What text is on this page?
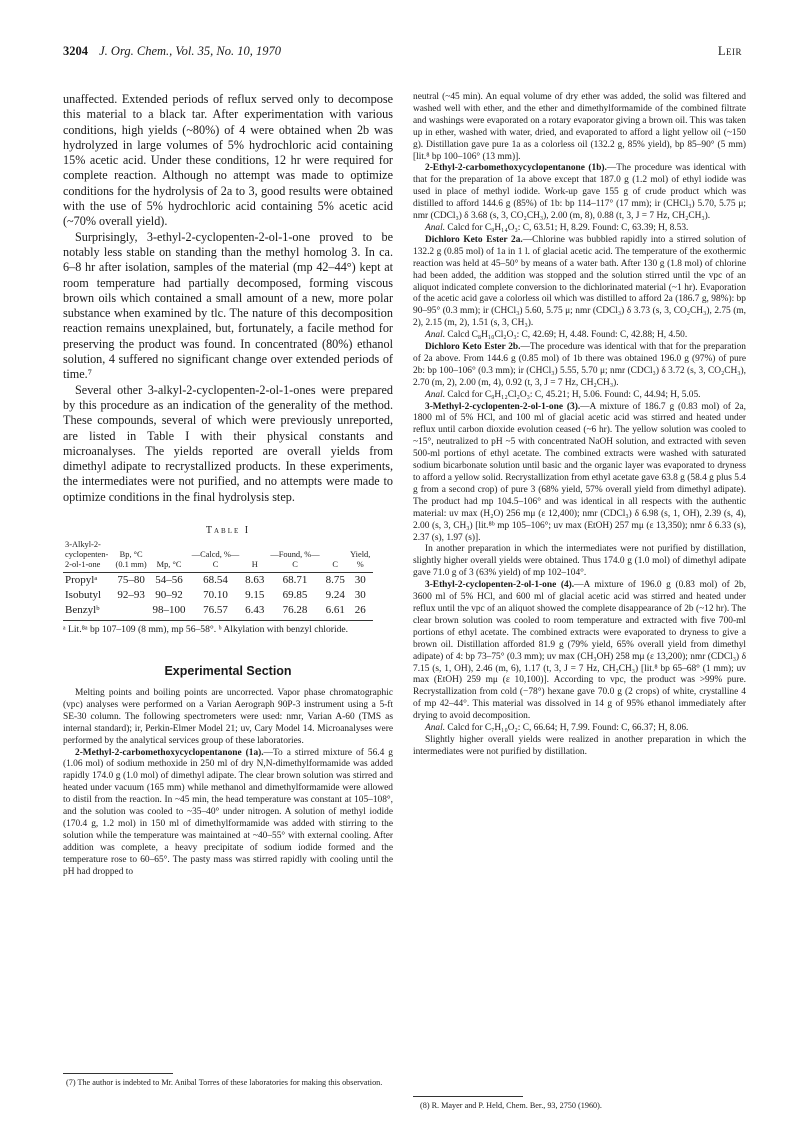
3204 J. Org. Chem., Vol. 35, No. 10, 1970	Leir

unaffected. Extended periods of reflux served only to decompose this material to a black tar. After experimentation with various conditions, high yields (~80%) of 4 were obtained when 2b was hydrolyzed in large volumes of 5% hydrochloric acid containing 15% acetic acid. Under these conditions, 12 hr were required for complete reaction. Although no attempt was made to optimize conditions for the hydrolysis of 2a to 3, good results were obtained with the use of 5% hydrochloric acid containing 5% acetic acid (~70% overall yield).

Surprisingly, 3-ethyl-2-cyclopenten-2-ol-1-one proved to be notably less stable on standing than the methyl homolog 3. In ca. 6–8 hr after isolation, samples of the material (mp 42–44°) kept at room temperature had partially decomposed, forming viscous brown oils which contained a small amount of a new, more polar substance when examined by tlc. The nature of this decomposition reaction remains unexplained, but, fortunately, a facile method for preserving the product was found. In concentrated (80%) ethanol solution, 4 suffered no significant change over extended periods of time.⁷

Several other 3-alkyl-2-cyclopenten-2-ol-1-ones were prepared by this procedure as an indication of the generality of the method. These compounds, several of which were previously unreported, are listed in Table I with their physical constants and microanalyses. The yields reported are overall yields from dimethyl adipate to recrystallized products. In these experiments, the intermediates were not purified, and no attempts were made to optimize conditions in the final hydrolysis step.

Table I
3-Alkyl-2-							
cyclopenten-	Bp, °C		—Calcd, %—		—Found, %—		Yield,
2-ol-1-one	(0.1 mm)	Mp, °C	C	H	C	C	%
Propylᵃ	75–80	54–56	68.54	8.63	68.71	8.75	30
Isobutyl	92–93	90–92	70.10	9.15	69.85	9.24	30
Benzylᵇ		98–100	76.57	6.43	76.28	6.61	26
ᵃ Lit.⁸ᵃ bp 107–109 (8 mm), mp 56–58°. ᵇ Alkylation with benzyl chloride.
Experimental Section

Melting points and boiling points are uncorrected. Vapor phase chromatographic (vpc) analyses were performed on a Varian Aerograph 90P-3 instrument using a 5-ft SE-30 column. The following spectrometers were used: nmr, Varian A-60 (TMS as internal standard); ir, Perkin-Elmer Model 21; uv, Cary Model 14. Microanalyses were performed by the analytical services group of these laboratories.

2-Methyl-2-carbomethoxycyclopentanone (1a).—To a stirred mixture of 56.4 g (1.06 mol) of sodium methoxide in 250 ml of dry N,N-dimethylformamide was added rapidly 174.0 g (1.0 mol) of dimethyl adipate. The clear brown solution was stirred and heated under vacuum (165 mm) while methanol and dimethylformamide were allowed to distil from the reaction. In ~45 min, the head temperature was constant at 105–108°, and the solution was cooled to ~35–40° under nitrogen. A solution of methyl iodide (170.4 g, 1.2 mol) in 150 ml of dimethylformamide was added with stirring to the solution while the temperature was maintained at ~40–55° with external cooling. After addition was complete, a heavy precipitate of sodium iodide formed and the temperature rose to 60–65°. The pasty mass was stirred rapidly with cooling until the pH had dropped to

neutral (~45 min). An equal volume of dry ether was added, the solid was filtered and washed well with ether, and the ether and dimethylformamide of the combined filtrate and washings were evaporated on a rotary evaporator giving a brown oil. This was taken up in ether, washed with water, dried, and evaporated to afford a light yellow oil (~150 g). Distillation gave pure 1a as a colorless oil (132.2 g, 85% yield), bp 85–90° (5 mm) [lit.⁸ bp 100–106° (13 mm)].

2-Ethyl-2-carbomethoxycyclopentanone (1b).—The procedure was identical with that for the preparation of 1a above except that 187.0 g (1.2 mol) of ethyl iodide was used in place of methyl iodide. Work-up gave 155 g of crude product which was distilled to afford 144.6 g (85%) of 1b: bp 114–117° (17 mm); ir (CHCl₃) 5.70, 5.75 μ; nmr (CDCl₃) δ 3.68 (s, 3, CO₂CH₃), 2.00 (m, 8), 0.88 (t, 3, J = 7 Hz, CH₂CH₃).

Anal. Calcd for C₉H₁₄O₃: C, 63.51; H, 8.29. Found: C, 63.39; H, 8.53.

Dichloro Keto Ester 2a.—Chlorine was bubbled rapidly into a stirred solution of 132.2 g (0.85 mol) of 1a in 1 l. of glacial acetic acid. The temperature of the exothermic reaction was held at 45–50° by means of a water bath. After 130 g (1.8 mol) of chlorine had been added, the addition was stopped and the solution stirred until the vpc of an aliquot indicated complete conversion to the dichlorinated material (~1 hr). Evaporation of the acetic acid gave a colorless oil which was distilled to afford 2a (186.7 g, 98%): bp 90–95° (0.3 mm); ir (CHCl₃) 5.60, 5.75 μ; nmr (CDCl₃) δ 3.73 (s, 3, CO₂CH₃), 2.75 (m, 2), 2.15 (m, 2), 1.51 (s, 3, CH₃).

Anal. Calcd C₈H₁₀Cl₂O₃: C, 42.69; H, 4.48. Found: C, 42.88; H, 4.50.

Dichloro Keto Ester 2b.—The procedure was identical with that for the preparation of 2a above. From 144.6 g (0.85 mol) of 1b there was obtained 196.0 g (97%) of pure 2b: bp 100–106° (0.3 mm); ir (CHCl₃) 5.55, 5.70 μ; nmr (CDCl₃) δ 3.72 (s, 3, CO₂CH₃), 2.70 (m, 2), 2.00 (m, 4), 0.92 (t, 3, J = 7 Hz, CH₂CH₃).

Anal. Calcd for C₉H₁₂Cl₂O₃: C, 45.21; H, 5.06. Found: C, 44.94; H, 5.05.

3-Methyl-2-cyclopenten-2-ol-1-one (3).—A mixture of 186.7 g (0.83 mol) of 2a, 1800 ml of 5% HCl, and 100 ml of glacial acetic acid was stirred and heated under reflux until carbon dioxide evolution ceased (~6 hr). The yellow solution was cooled to ~15°, neutralized to pH ~5 with concentrated NaOH solution, and extracted with seven 500-ml portions of ethyl acetate. The combined extracts were washed with saturated sodium bicarbonate solution until basic and the organic layer was evaporated to dryness to afford a yellow solid. Recrystallization from ethyl acetate gave 63.8 g (58.4 g plus 5.4 g from a second crop) of pure 3 (68% yield, 57% overall yield from dimethyl adipate). The product had mp 104.5–106° and was identical in all respects with the authentic material: uv max (H₂O) 256 mμ (ε 12,400); nmr (CDCl₃) δ 6.98 (s, 1, OH), 2.39 (s, 4), 2.00 (s, 3, CH₃) [lit.⁸ᵇ mp 105–106°; uv max (EtOH) 257 mμ (ε 13,350); nmr δ 6.33 (s), 2.37 (s), 1.97 (s)].

In another preparation in which the intermediates were not purified by distillation, slightly higher overall yields were obtained. Thus 174.0 g (1.0 mol) of dimethyl adipate gave 71.0 g of 3 (63% yield) of mp 102–104°.

3-Ethyl-2-cyclopenten-2-ol-1-one (4).—A mixture of 196.0 g (0.83 mol) of 2b, 3600 ml of 5% HCl, and 600 ml of glacial acetic acid was stirred and heated under reflux until the vpc of an aliquot showed the complete disappearance of 2b (~12 hr). The clear brown solution was cooled to room temperature and extracted with five 700-ml portions of ethyl acetate. The combined extracts were evaporated to dryness to give a brown oil. Distillation afforded 81.9 g (79% yield, 65% overall yield from dimethyl adipate) of 4: bp 73–75° (0.3 mm); uv max (CH₃OH) 258 mμ (ε 13,200); nmr (CDCl₃) δ 7.15 (s, 1, OH), 2.46 (m, 6), 1.17 (t, 3, J = 7 Hz, CH₂CH₃) [lit.⁸ bp 65–68° (1 mm); uv max (EtOH) 259 mμ (ε 10,100)]. According to vpc, the product was >99% pure. Recrystallization from cold (−78°) hexane gave 70.0 g (2 crops) of white, crystalline 4 of mp 42–44°. This material was dissolved in 14 g of 95% ethanol immediately after drying to avoid decomposition.

Anal. Calcd for C₇H₁₀O₂: C, 66.64; H, 7.99. Found: C, 66.37; H, 8.06.

Slightly higher overall yields were realized in another preparation in which the intermediates were not purified by distillation.

(7) The author is indebted to Mr. Anibal Torres of these laboratories for making this observation.
(8) R. Mayer and P. Held, Chem. Ber., 93, 2750 (1960).
